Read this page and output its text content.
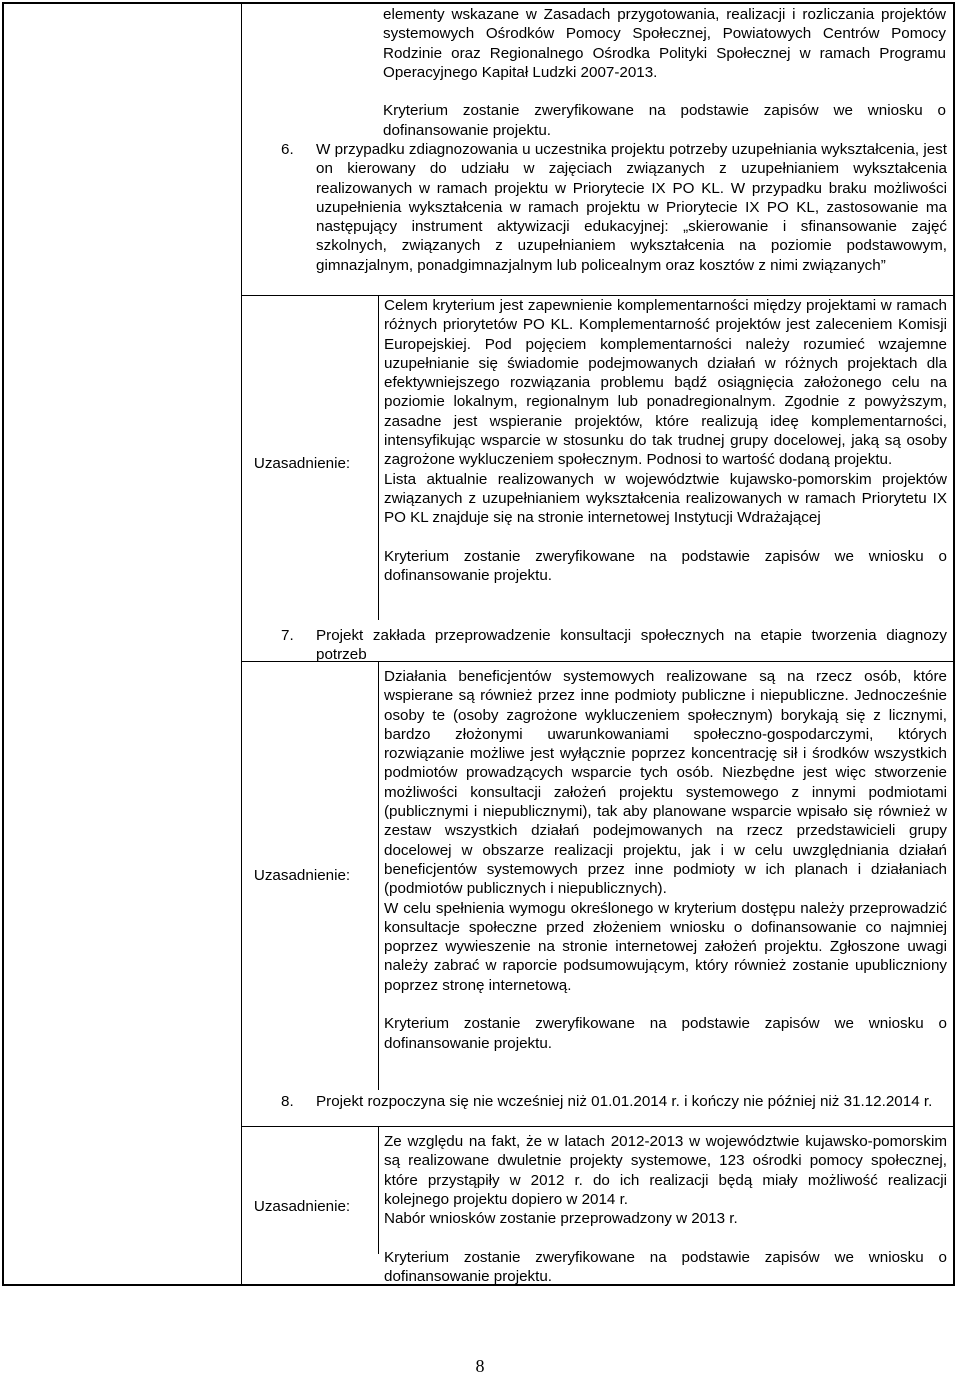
elementy wskazane w Zasadach przygotowania, realizacji i rozliczania projektów systemowych Ośrodków Pomocy Społecznej, Powiatowych Centrów Pomocy Rodzinie oraz Regionalnego Ośrodka Polityki Społecznej w ramach Programu Operacyjnego Kapitał Ludzki 2007-2013.

Kryterium zostanie zweryfikowane na podstawie zapisów we wniosku o dofinansowanie projektu.

6. W przypadku zdiagnozowania u uczestnika projektu potrzeby uzupełniania wykształcenia, jest on kierowany do udziału w zajęciach związanych z uzupełnianiem wykształcenia realizowanych w ramach projektu w Priorytecie IX PO KL. W przypadku braku możliwości uzupełnienia wykształcenia w ramach projektu w Priorytecie IX PO KL, zastosowanie ma następujący instrument aktywizacji edukacyjnej: „skierowanie i sfinansowanie zajęć szkolnych, związanych z uzupełnianiem wykształcenia na poziomie podstawowym, gimnazjalnym, ponadgimnazjalnym lub policealnym oraz kosztów z nimi związanych”

Uzasadnienie:

Celem kryterium jest zapewnienie komplementarności między projektami w ramach różnych priorytetów PO KL. Komplementarność projektów jest zaleceniem Komisji Europejskiej. Pod pojęciem komplementarności należy rozumieć wzajemne uzupełnianie się świadomie podejmowanych działań w różnych projektach dla efektywniejszego rozwiązania problemu bądź osiągnięcia założonego celu na poziomie lokalnym, regionalnym lub ponadregionalnym. Zgodnie z powyższym, zasadne jest wspieranie projektów, które realizują ideę komplementarności, intensyfikując wsparcie w stosunku do tak trudnej grupy docelowej, jaką są osoby zagrożone wykluczeniem społecznym. Podnosi to wartość dodaną projektu.

Lista aktualnie realizowanych w województwie kujawsko-pomorskim projektów związanych z uzupełnianiem wykształcenia realizowanych w ramach Priorytetu IX PO KL znajduje się na stronie internetowej Instytucji Wdrażającej

Kryterium zostanie zweryfikowane na podstawie zapisów we wniosku o dofinansowanie projektu.

7. Projekt zakłada przeprowadzenie konsultacji społecznych na etapie tworzenia diagnozy potrzeb

Uzasadnienie:

Działania beneficjentów systemowych realizowane są na rzecz osób, które wspierane są również przez inne podmioty publiczne i niepubliczne. Jednocześnie osoby te (osoby zagrożone wykluczeniem społecznym) borykają się z licznymi, bardzo złożonymi uwarunkowaniami społeczno-gospodarczymi, których rozwiązanie możliwe jest wyłącznie poprzez koncentrację sił i środków wszystkich podmiotów prowadzących wsparcie tych osób. Niezbędne jest więc stworzenie możliwości konsultacji założeń projektu systemowego z innymi podmiotami (publicznymi i niepublicznymi), tak aby planowane wsparcie wpisało się również w zestaw wszystkich działań podejmowanych na rzecz przedstawicieli grupy docelowej w obszarze realizacji projektu, jak i w celu uwzględniania działań beneficjentów systemowych przez inne podmioty w ich planach i działaniach (podmiotów publicznych i niepublicznych).

W celu spełnienia wymogu określonego w kryterium dostępu należy przeprowadzić konsultacje społeczne przed złożeniem wniosku o dofinansowanie co najmniej poprzez wywieszenie na stronie internetowej założeń projektu. Zgłoszone uwagi należy zabrać w raporcie podsumowującym, który również zostanie upubliczniony poprzez stronę internetową.

Kryterium zostanie zweryfikowane na podstawie zapisów we wniosku o dofinansowanie projektu.

8. Projekt rozpoczyna się nie wcześniej niż 01.01.2014 r. i kończy nie później niż 31.12.2014 r.

Uzasadnienie:

Ze względu na fakt, że w latach 2012-2013 w województwie kujawsko-pomorskim są realizowane dwuletnie projekty systemowe, 123 ośrodki pomocy społecznej, które przystąpiły w 2012 r. do ich realizacji będą miały możliwość realizacji kolejnego projektu dopiero w 2014 r.

Nabór wniosków zostanie przeprowadzony w 2013 r.

Kryterium zostanie zweryfikowane na podstawie zapisów we wniosku o dofinansowanie projektu.

8
